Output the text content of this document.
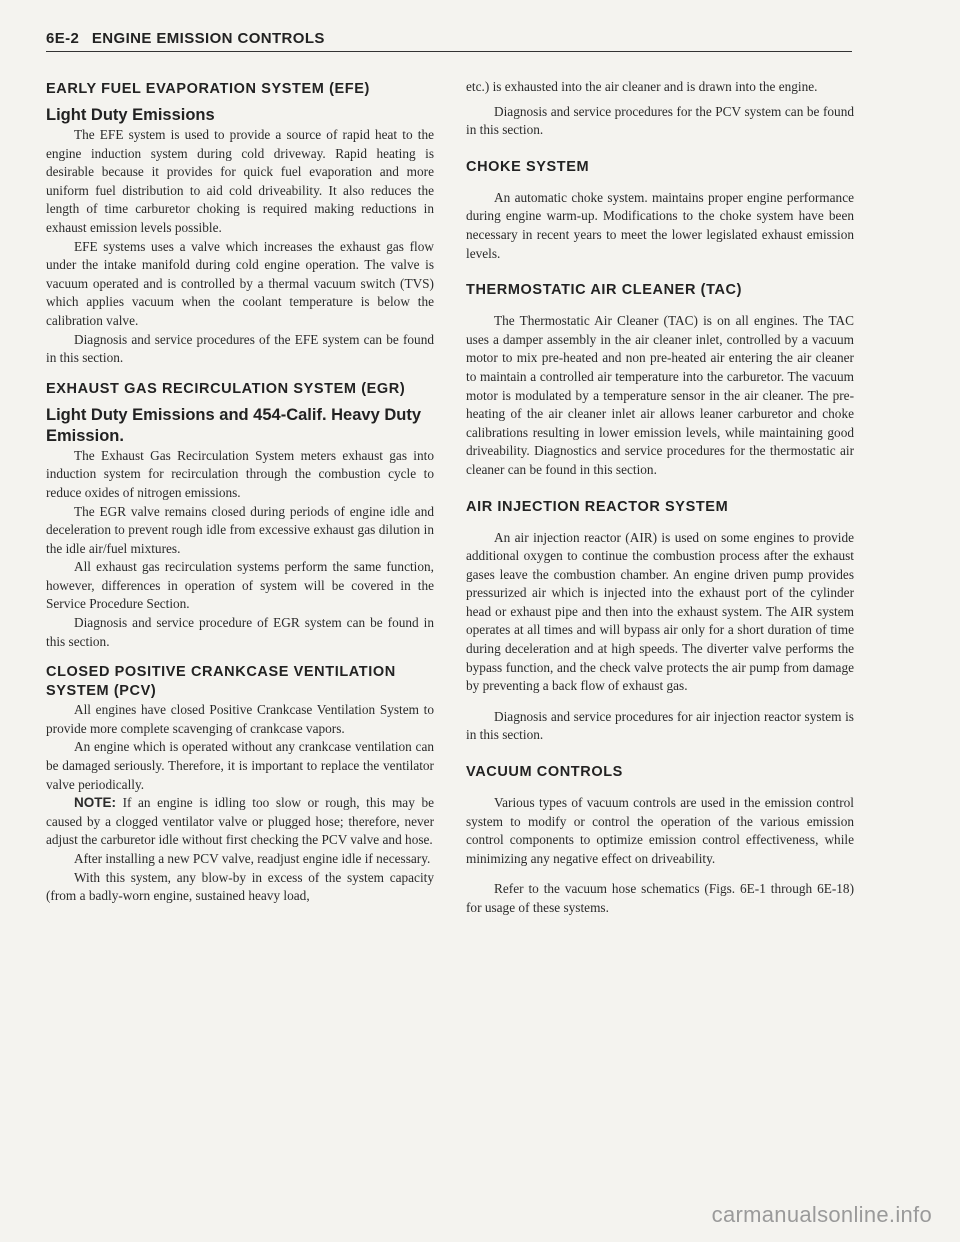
6E-2 ENGINE EMISSION CONTROLS
EARLY FUEL EVAPORATION SYSTEM (EFE)
Light Duty Emissions

The EFE system is used to provide a source of rapid heat to the engine induction system during cold driveway. Rapid heating is desirable because it provides for quick fuel evaporation and more uniform fuel distribution to aid cold driveability. It also reduces the length of time carburetor choking is required making reductions in exhaust emission levels possible.

EFE systems uses a valve which increases the exhaust gas flow under the intake manifold during cold engine operation. The valve is vacuum operated and is controlled by a thermal vacuum switch (TVS) which applies vacuum when the coolant temperature is below the calibration valve.

Diagnosis and service procedures of the EFE system can be found in this section.

EXHAUST GAS RECIRCULATION SYSTEM (EGR)
Light Duty Emissions and 454-Calif. Heavy Duty Emission.

The Exhaust Gas Recirculation System meters exhaust gas into induction system for recirculation through the combustion cycle to reduce oxides of nitrogen emissions.

The EGR valve remains closed during periods of engine idle and deceleration to prevent rough idle from excessive exhaust gas dilution in the idle air/fuel mixtures.

All exhaust gas recirculation systems perform the same function, however, differences in operation of system will be covered in the Service Procedure Section.

Diagnosis and service procedure of EGR system can be found in this section.

CLOSED POSITIVE CRANKCASE VENTILATION SYSTEM (PCV)

All engines have closed Positive Crankcase Ventilation System to provide more complete scavenging of crankcase vapors.

An engine which is operated without any crankcase ventilation can be damaged seriously. Therefore, it is important to replace the ventilator valve periodically.

NOTE: If an engine is idling too slow or rough, this may be caused by a clogged ventilator valve or plugged hose; therefore, never adjust the carburetor idle without first checking the PCV valve and hose.

After installing a new PCV valve, readjust engine idle if necessary.

With this system, any blow-by in excess of the system capacity (from a badly-worn engine, sustained heavy load,

etc.) is exhausted into the air cleaner and is drawn into the engine.

Diagnosis and service procedures for the PCV system can be found in this section.

CHOKE SYSTEM

An automatic choke system. maintains proper engine performance during engine warm-up. Modifications to the choke system have been necessary in recent years to meet the lower legislated exhaust emission levels.

THERMOSTATIC AIR CLEANER (TAC)

The Thermostatic Air Cleaner (TAC) is on all engines. The TAC uses a damper assembly in the air cleaner inlet, controlled by a vacuum motor to mix pre-heated and non pre-heated air entering the air cleaner to maintain a controlled air temperature into the carburetor. The vacuum motor is modulated by a temperature sensor in the air cleaner. The pre-heating of the air cleaner inlet air allows leaner carburetor and choke calibrations resulting in lower emission levels, while maintaining good driveability. Diagnostics and service procedures for the thermostatic air cleaner can be found in this section.

AIR INJECTION REACTOR SYSTEM

An air injection reactor (AIR) is used on some engines to provide additional oxygen to continue the combustion process after the exhaust gases leave the combustion chamber. An engine driven pump provides pressurized air which is injected into the exhaust port of the cylinder head or exhaust pipe and then into the exhaust system. The AIR system operates at all times and will bypass air only for a short duration of time during deceleration and at high speeds. The diverter valve performs the bypass function, and the check valve protects the air pump from damage by preventing a back flow of exhaust gas.

Diagnosis and service procedures for air injection reactor system is in this section.

VACUUM CONTROLS

Various types of vacuum controls are used in the emission control system to modify or control the operation of the various emission control components to optimize emission control effectiveness, while minimizing any negative effect on driveability.

Refer to the vacuum hose schematics (Figs. 6E-1 through 6E-18) for usage of these systems.

carmanualsonline.info
